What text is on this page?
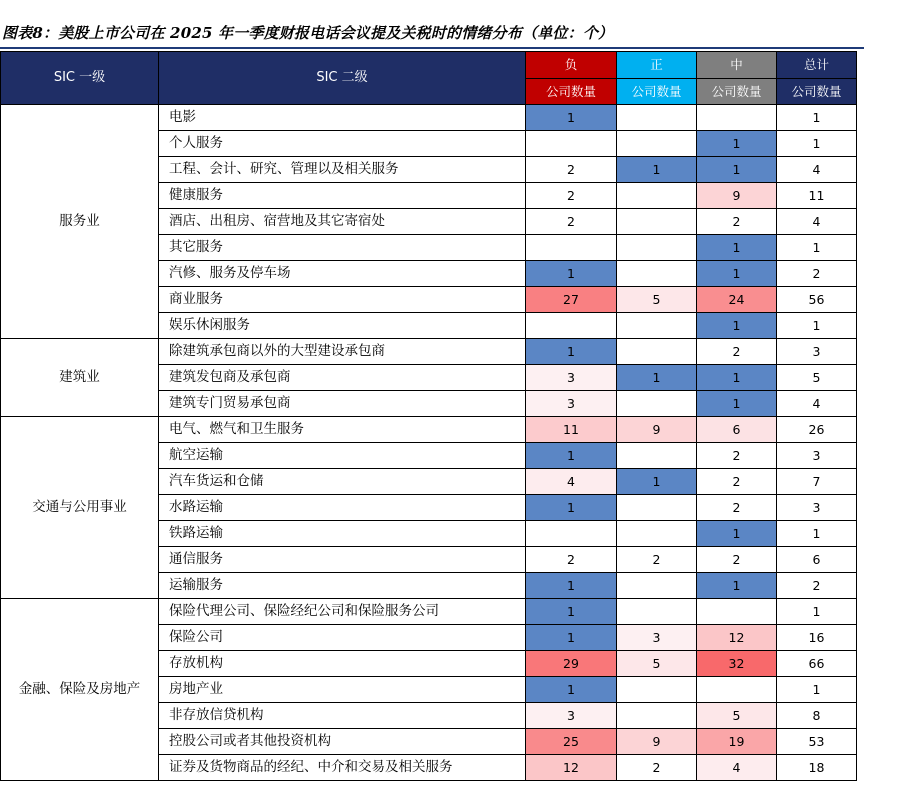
图表8：美股上市公司在 2025 年一季度财报电话会议提及关税时的情绪分布（单位：个）
SIC 一级	SIC 二级	负	正	中	总计
		公司数量	公司数量	公司数量	公司数量
服务业	电影	1			1
	个人服务			1	1
	工程、会计、研究、管理以及相关服务	2	1	1	4
	健康服务	2		9	11
	酒店、出租房、宿营地及其它寄宿处	2		2	4
	其它服务			1	1
	汽修、服务及停车场	1		1	2
	商业服务	27	5	24	56
	娱乐休闲服务			1	1
建筑业	除建筑承包商以外的大型建设承包商	1		2	3
	建筑发包商及承包商	3	1	1	5
	建筑专门贸易承包商	3		1	4
交通与公用事业	电气、燃气和卫生服务	11	9	6	26
	航空运输	1		2	3
	汽车货运和仓储	4	1	2	7
	水路运输	1		2	3
	铁路运输			1	1
	通信服务	2	2	2	6
	运输服务	1		1	2
金融、保险及房地产	保险代理公司、保险经纪公司和保险服务公司	1			1
	保险公司	1	3	12	16
	存放机构	29	5	32	66
	房地产业	1			1
	非存放信贷机构	3		5	8
	控股公司或者其他投资机构	25	9	19	53
	证券及货物商品的经纪、中介和交易及相关服务	12	2	4	18
